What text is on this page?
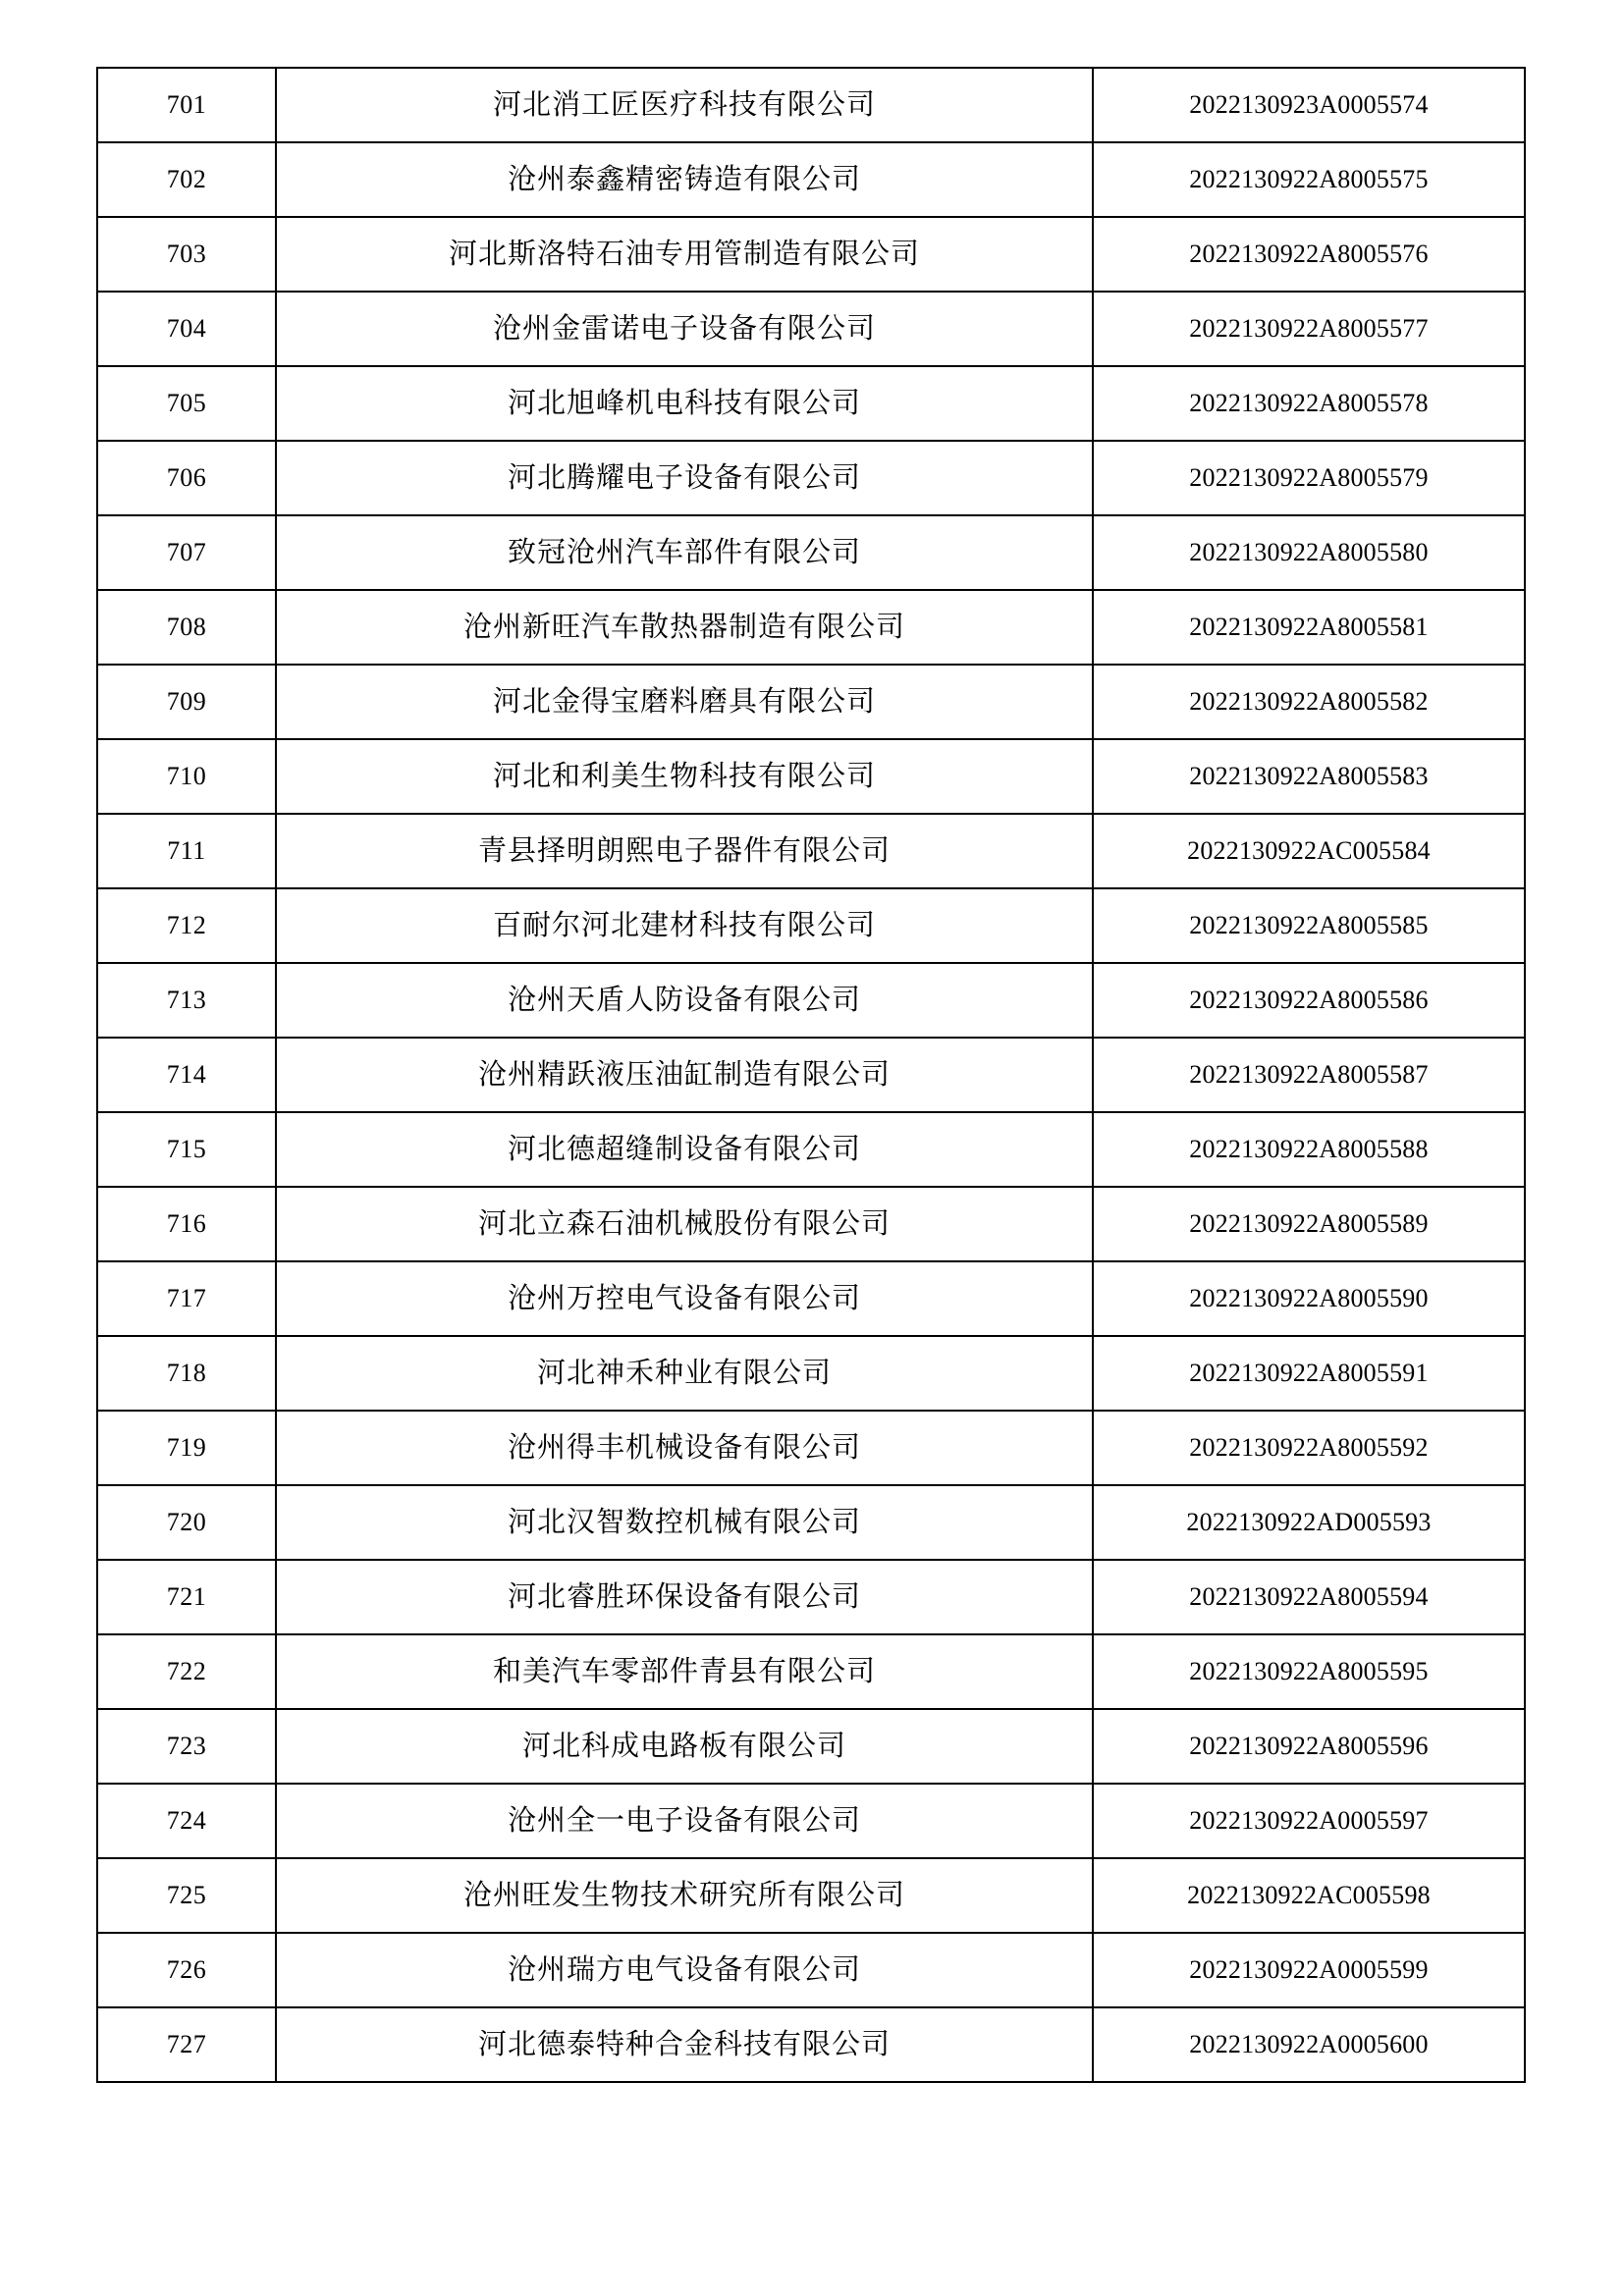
701	河北消工匠医疗科技有限公司	2022130923A0005574
702	沧州泰鑫精密铸造有限公司	2022130922A8005575
703	河北斯洛特石油专用管制造有限公司	2022130922A8005576
704	沧州金雷诺电子设备有限公司	2022130922A8005577
705	河北旭峰机电科技有限公司	2022130922A8005578
706	河北腾耀电子设备有限公司	2022130922A8005579
707	致冠沧州汽车部件有限公司	2022130922A8005580
708	沧州新旺汽车散热器制造有限公司	2022130922A8005581
709	河北金得宝磨料磨具有限公司	2022130922A8005582
710	河北和利美生物科技有限公司	2022130922A8005583
711	青县择明朗熙电子器件有限公司	2022130922AC005584
712	百耐尔河北建材科技有限公司	2022130922A8005585
713	沧州天盾人防设备有限公司	2022130922A8005586
714	沧州精跃液压油缸制造有限公司	2022130922A8005587
715	河北德超缝制设备有限公司	2022130922A8005588
716	河北立森石油机械股份有限公司	2022130922A8005589
717	沧州万控电气设备有限公司	2022130922A8005590
718	河北神禾种业有限公司	2022130922A8005591
719	沧州得丰机械设备有限公司	2022130922A8005592
720	河北汉智数控机械有限公司	2022130922AD005593
721	河北睿胜环保设备有限公司	2022130922A8005594
722	和美汽车零部件青县有限公司	2022130922A8005595
723	河北科成电路板有限公司	2022130922A8005596
724	沧州全一电子设备有限公司	2022130922A0005597
725	沧州旺发生物技术研究所有限公司	2022130922AC005598
726	沧州瑞方电气设备有限公司	2022130922A0005599
727	河北德泰特种合金科技有限公司	2022130922A0005600
